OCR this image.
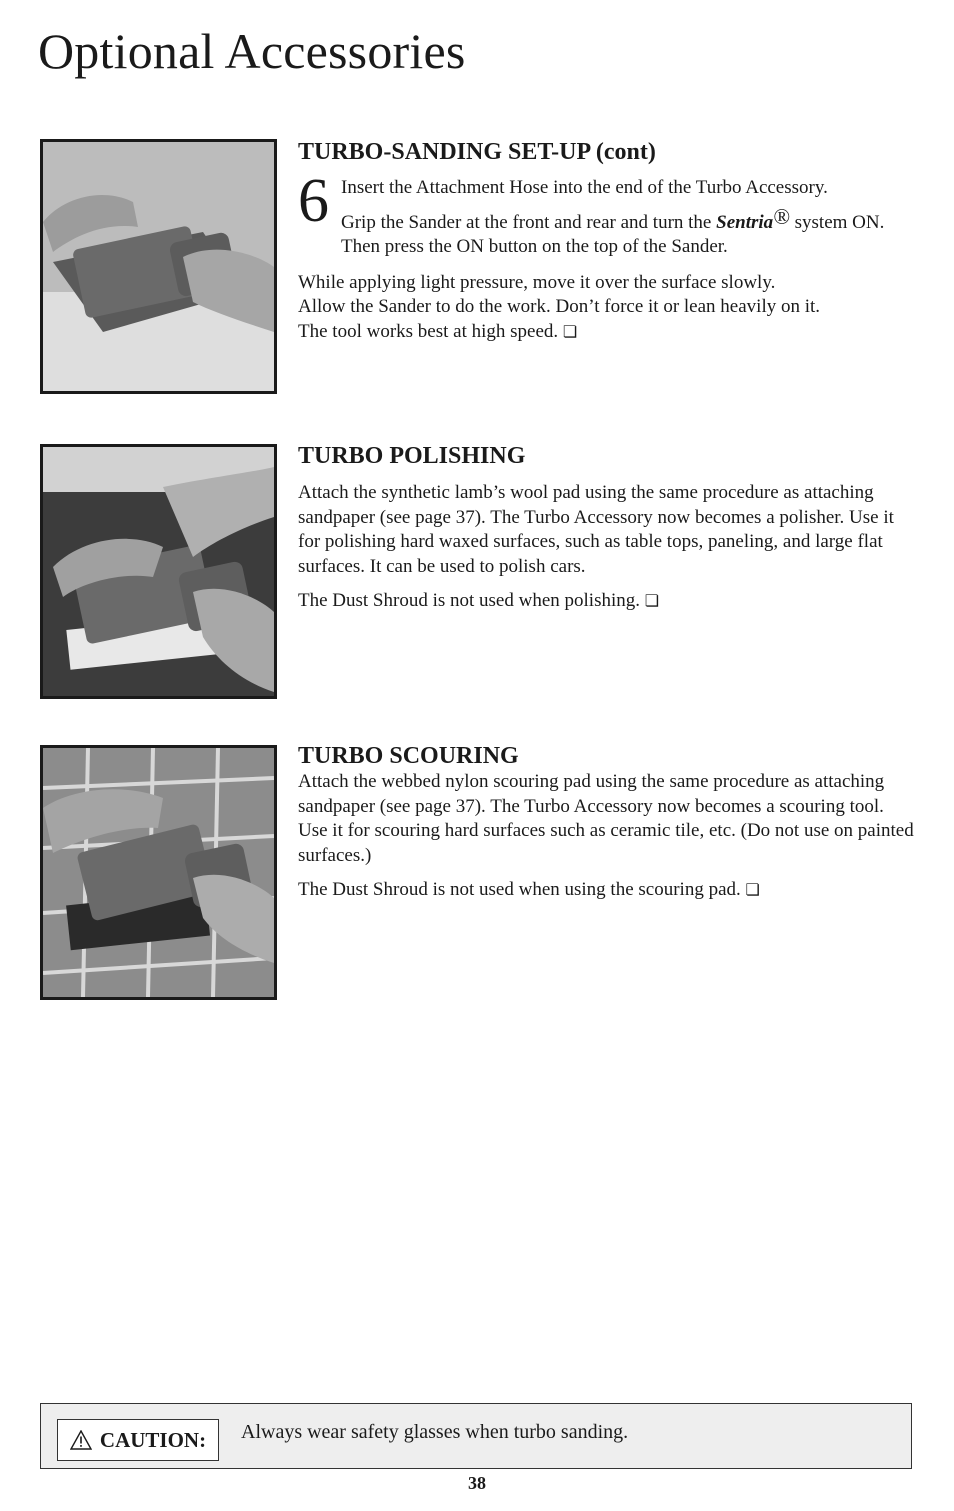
Optional Accessories
TURBO-SANDING SET-UP (cont)
6 Insert the Attachment Hose into the end of the Turbo Accessory.

Grip the Sander at the front and rear and turn the Sentria® system ON. Then press the ON button on the top of the Sander.

While applying light pressure, move it over the surface slowly.

Allow the Sander to do the work. Don’t force it or lean heavily on it.

The tool works best at high speed. ❏

TURBO POLISHING

Attach the synthetic lamb’s wool pad using the same procedure as attaching sandpaper (see page 37). The Turbo Accessory now becomes a polisher. Use it for polishing hard waxed surfaces, such as table tops, paneling, and large flat surfaces. It can be used to polish cars.

The Dust Shroud is not used when polishing. ❏

TURBO SCOURING

Attach the webbed nylon scouring pad using the same procedure as attaching sandpaper (see page 37). The Turbo Accessory now becomes a scouring tool. Use it for scouring hard surfaces such as ceramic tile, etc. (Do not use on painted surfaces.)

The Dust Shroud is not used when using the scouring pad. ❏

CAUTION: Always wear safety glasses when turbo sanding.
38
